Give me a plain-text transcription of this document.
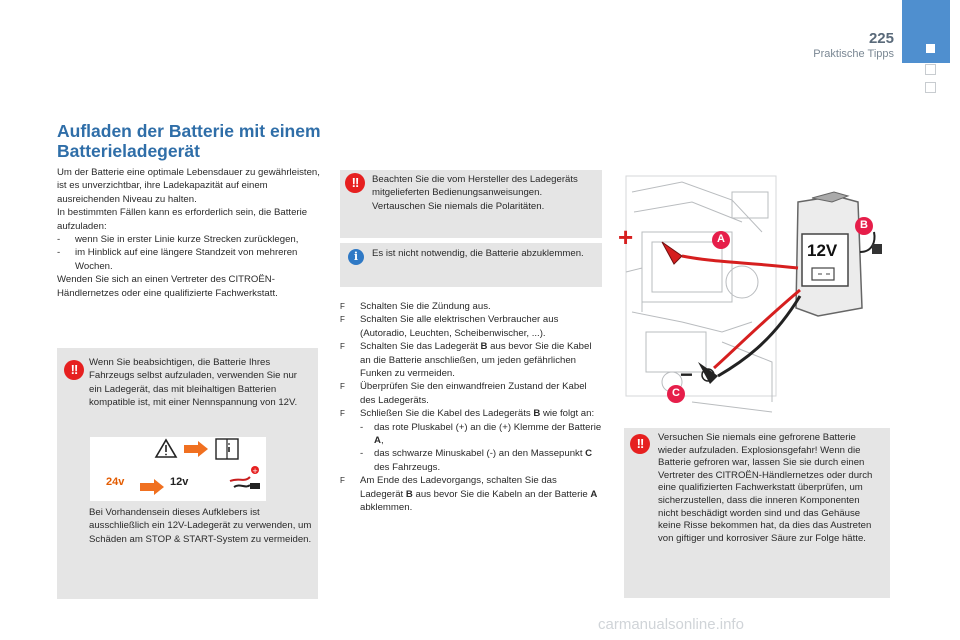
225
Praktische Tipps
Aufladen der Batterie mit einem Batterieladegerät

Um der Batterie eine optimale Lebensdauer zu gewährleisten, ist es unverzichtbar, ihre Ladekapazität auf einem ausreichenden Niveau zu halten.

In bestimmten Fällen kann es erforderlich sein, die Batterie aufzuladen:

-	wenn Sie in erster Linie kurze Strecken zurücklegen,
-	im Hinblick auf eine längere Standzeit von mehreren Wochen.

Wenden Sie sich an einen Vertreter des CITROËN-Händlernetzes oder eine qualifizierte Fachwerkstatt.

!!	Wenn Sie beabsichtigen, die Batterie Ihres Fahrzeugs selbst aufzuladen, verwenden Sie nur ein Ladegerät, das mit bleihaltigen Batterien kompatible ist, mit einer Nennspannung von 12V.
+
24v	12v
Bei Vorhandensein dieses Aufklebers ist ausschließlich ein 12V-Ladegerät zu verwenden, um Schäden am STOP & START-System zu vermeiden.
!!	Beachten Sie die vom Hersteller des Ladegeräts mitgelieferten Bedienungsanweisungen. Vertauschen Sie niemals die Polaritäten.
i	Es ist nicht notwendig, die Batterie abzuklemmen.
F	Schalten Sie die Zündung aus.
F	Schalten Sie alle elektrischen Verbraucher aus (Autoradio, Leuchten, Scheibenwischer, ...).
F	Schalten Sie das Ladegerät B aus bevor Sie die Kabel an die Batterie anschließen, um jeden gefährlichen Funken zu vermeiden.
F	Überprüfen Sie den einwandfreien Zustand der Kabel des Ladegeräts.
F	Schließen Sie die Kabel des Ladegeräts B wie folgt an:
-	das rote Pluskabel (+) an die (+) Klemme der Batterie A,
-	das schwarze Minuskabel (-) an den Massepunkt C des Fahrzeugs.
F	Am Ende des Ladevorgangs, schalten Sie das Ladegerät B aus bevor Sie die Kabeln an der Batterie A abklemmen.
12V
A
B
C
+
−
!!	Versuchen Sie niemals eine gefrorene Batterie wieder aufzuladen. Explosionsgefahr! Wenn die Batterie gefroren war, lassen Sie sie durch einen Vertreter des CITROËN-Händlernetzes oder durch eine qualifizierten Fachwerkstatt überprüfen, um sicherzustellen, dass die inneren Komponenten nicht beschädigt worden sind und das Gehäuse keine Risse bekommen hat, da dies das Austreten von giftiger und korrosiver Säure zur Folge hätte.
carmanualsonline.info
